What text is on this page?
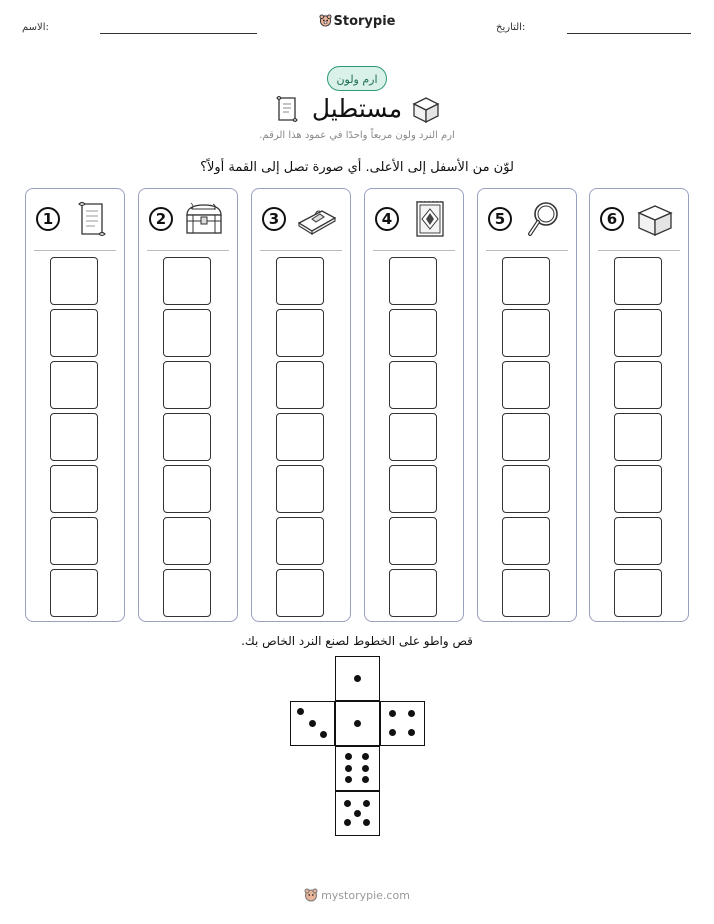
الاسم:	Storypie	التاريخ:
ارم ولون
مستطيل
ارم النرد ولون مربعاً واحدًا في عمود هذا الرقم.
لوّن من الأسفل إلى الأعلى. أي صورة تصل إلى القمة أولاً؟
1	2	3	4	5	6
قص واطو على الخطوط لصنع النرد الخاص بك.
mystorypie.com
